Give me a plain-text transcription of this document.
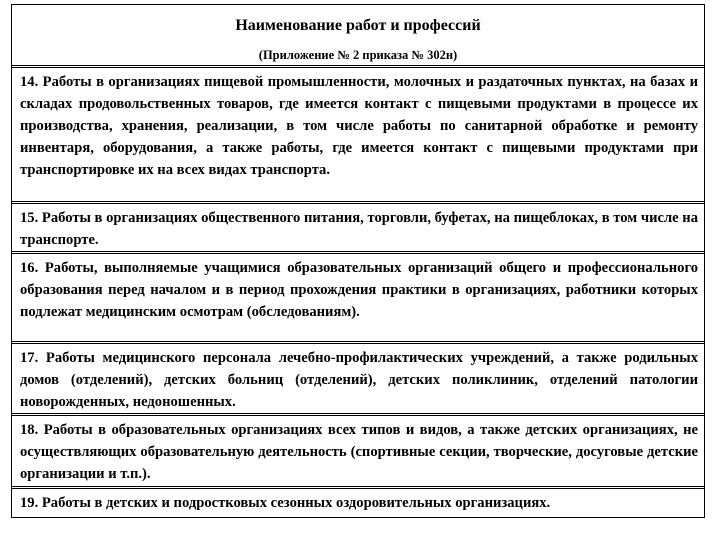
Наименование работ и профессий
(Приложение № 2 приказа № 302н)
14. Работы в организациях пищевой промышленности, молочных и раздаточных пунктах, на базах и складах продовольственных товаров, где имеется контакт с пищевыми продуктами в процессе их производства, хранения, реализации, в том числе работы по санитарной обработке и ремонту инвентаря, оборудования, а также работы, где имеется контакт с пищевыми продуктами при транспортировке их на всех видах транспорта.
15. Работы в организациях общественного питания, торговли, буфетах, на пищеблоках, в том числе на транспорте.
16. Работы, выполняемые учащимися образовательных организаций общего и профессионального образования перед началом и в период прохождения практики в организациях, работники которых подлежат медицинским осмотрам (обследованиям).
17. Работы медицинского персонала лечебно-профилактических учреждений, а также родильных домов (отделений), детских больниц (отделений), детских поликлиник, отделений патологии новорожденных, недоношенных.
18. Работы в образовательных организациях всех типов и видов, а также детских организациях, не осуществляющих образовательную деятельность (спортивные секции, творческие, досуговые детские организации и т.п.).
19. Работы в детских и подростковых сезонных оздоровительных организациях.
